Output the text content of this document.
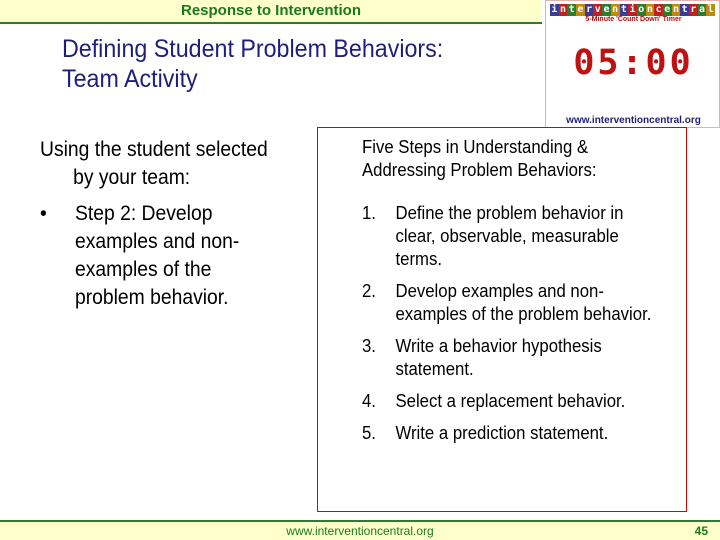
Response to Intervention
Defining Student Problem Behaviors:
Team Activity
i n t e r v e n t i o n c e n t r a l
5-Minute 'Count Down' Timer
05:00
www.interventioncentral.org
Using the student selected
by your team:
•	Step 2: Develop examples and non-examples of the problem behavior.
Five Steps in Understanding & Addressing Problem Behaviors:
1.	Define the problem behavior in clear, observable, measurable terms.
2.	Develop examples and non-examples of the problem behavior.
3.	Write a behavior hypothesis statement.
4.	Select a replacement behavior.
5.	Write a prediction statement.
www.interventioncentral.org	45
